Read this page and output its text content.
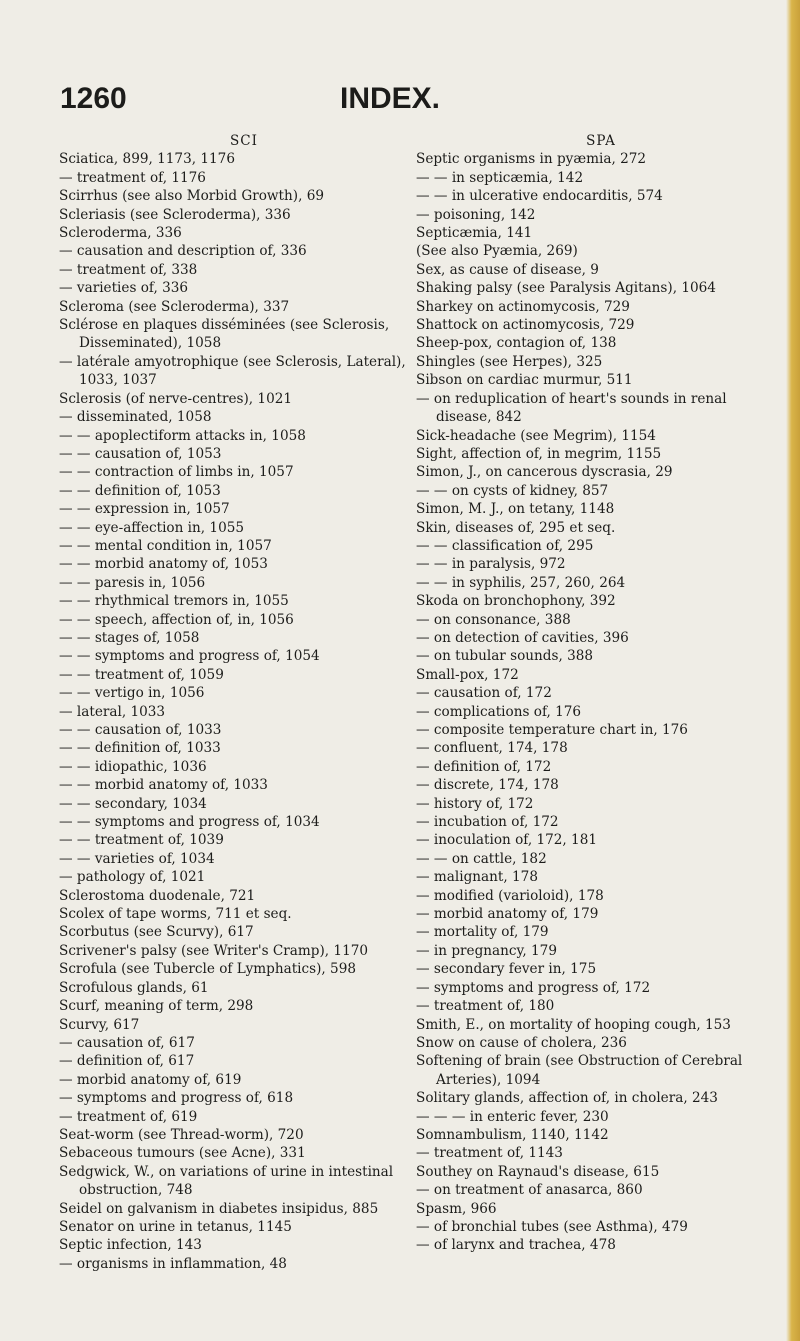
1260	INDEX.
SCI
Sciatica, 899, 1173, 1176
— treatment of, 1176
Scirrhus (see also Morbid Growth), 69
Scleriasis (see Scleroderma), 336
Scleroderma, 336
— causation and description of, 336
— treatment of, 338
— varieties of, 336
Scleroma (see Scleroderma), 337
Sclérose en plaques disséminées (see Sclerosis, Disseminated), 1058
— latérale amyotrophique (see Sclerosis, Lateral), 1033, 1037
Sclerosis (of nerve-centres), 1021
— disseminated, 1058
— — apoplectiform attacks in, 1058
— — causation of, 1053
— — contraction of limbs in, 1057
— — definition of, 1053
— — expression in, 1057
— — eye-affection in, 1055
— — mental condition in, 1057
— — morbid anatomy of, 1053
— — paresis in, 1056
— — rhythmical tremors in, 1055
— — speech, affection of, in, 1056
— — stages of, 1058
— — symptoms and progress of, 1054
— — treatment of, 1059
— — vertigo in, 1056
— lateral, 1033
— — causation of, 1033
— — definition of, 1033
— — idiopathic, 1036
— — morbid anatomy of, 1033
— — secondary, 1034
— — symptoms and progress of, 1034
— — treatment of, 1039
— — varieties of, 1034
— pathology of, 1021
Sclerostoma duodenale, 721
Scolex of tape worms, 711 et seq.
Scorbutus (see Scurvy), 617
Scrivener's palsy (see Writer's Cramp), 1170
Scrofula (see Tubercle of Lymphatics), 598
Scrofulous glands, 61
Scurf, meaning of term, 298
Scurvy, 617
— causation of, 617
— definition of, 617
— morbid anatomy of, 619
— symptoms and progress of, 618
— treatment of, 619
Seat-worm (see Thread-worm), 720
Sebaceous tumours (see Acne), 331
Sedgwick, W., on variations of urine in intestinal obstruction, 748
Seidel on galvanism in diabetes insipidus, 885
Senator on urine in tetanus, 1145
Septic infection, 143
— organisms in inflammation, 48
SPA
Septic organisms in pyæmia, 272
— — in septicæmia, 142
— — in ulcerative endocarditis, 574
— poisoning, 142
Septicæmia, 141
(See also Pyæmia, 269)
Sex, as cause of disease, 9
Shaking palsy (see Paralysis Agitans), 1064
Sharkey on actinomycosis, 729
Shattock on actinomycosis, 729
Sheep-pox, contagion of, 138
Shingles (see Herpes), 325
Sibson on cardiac murmur, 511
— on reduplication of heart's sounds in renal disease, 842
Sick-headache (see Megrim), 1154
Sight, affection of, in megrim, 1155
Simon, J., on cancerous dyscrasia, 29
— — on cysts of kidney, 857
Simon, M. J., on tetany, 1148
Skin, diseases of, 295 et seq.
— — classification of, 295
— — in paralysis, 972
— — in syphilis, 257, 260, 264
Skoda on bronchophony, 392
— on consonance, 388
— on detection of cavities, 396
— on tubular sounds, 388
Small-pox, 172
— causation of, 172
— complications of, 176
— composite temperature chart in, 176
— confluent, 174, 178
— definition of, 172
— discrete, 174, 178
— history of, 172
— incubation of, 172
— inoculation of, 172, 181
— — on cattle, 182
— malignant, 178
— modified (varioloid), 178
— morbid anatomy of, 179
— mortality of, 179
— in pregnancy, 179
— secondary fever in, 175
— symptoms and progress of, 172
— treatment of, 180
Smith, E., on mortality of hooping cough, 153
Snow on cause of cholera, 236
Softening of brain (see Obstruction of Cerebral Arteries), 1094
Solitary glands, affection of, in cholera, 243
— — — in enteric fever, 230
Somnambulism, 1140, 1142
— treatment of, 1143
Southey on Raynaud's disease, 615
— on treatment of anasarca, 860
Spasm, 966
— of bronchial tubes (see Asthma), 479
— of larynx and trachea, 478
